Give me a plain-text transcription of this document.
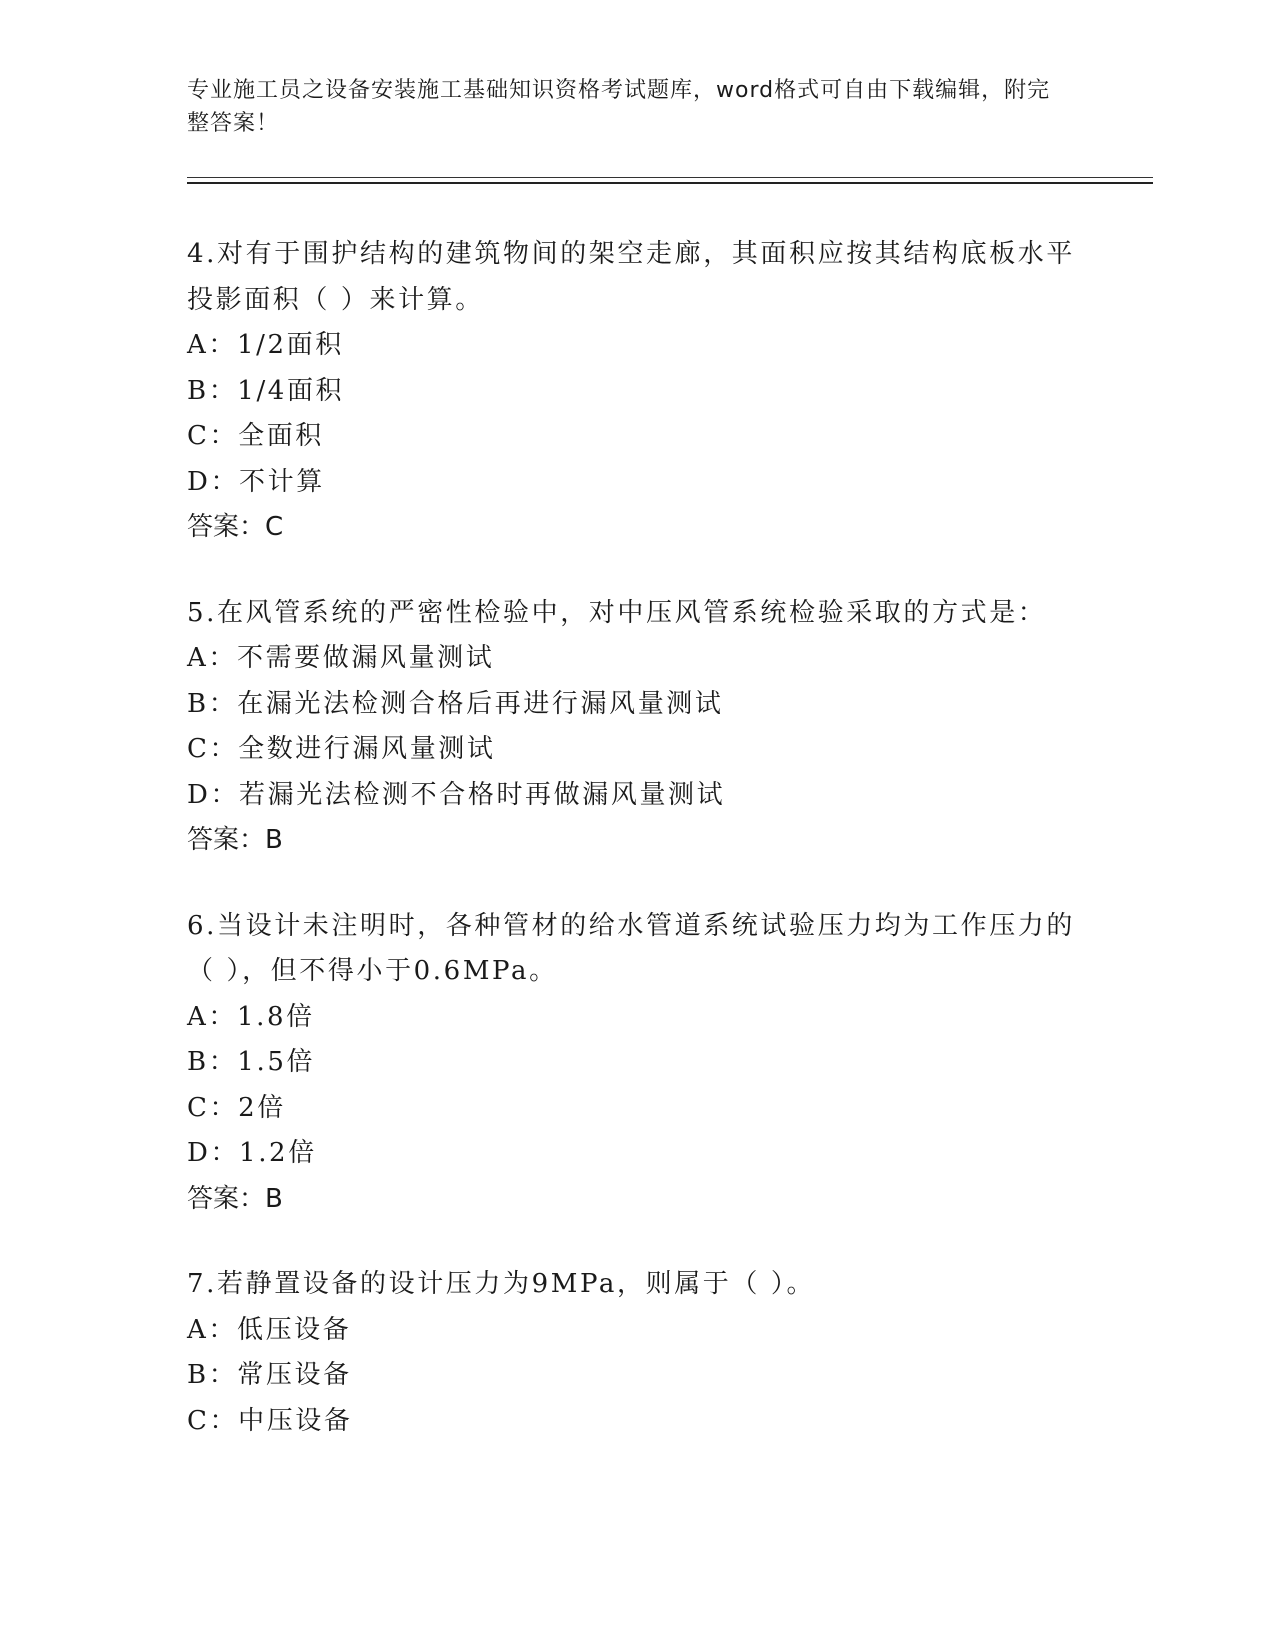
专业施工员之设备安装施工基础知识资格考试题库，word格式可自由下载编辑，附完整答案！

4.对有于围护结构的建筑物间的架空走廊，其面积应按其结构底板水平投影面积（ ）来计算。

A：1/2面积

B：1/4面积

C：全面积

D：不计算

答案：C

5.在风管系统的严密性检验中，对中压风管系统检验采取的方式是：

A：不需要做漏风量测试

B：在漏光法检测合格后再进行漏风量测试

C：全数进行漏风量测试

D：若漏光法检测不合格时再做漏风量测试

答案：B

6.当设计未注明时，各种管材的给水管道系统试验压力均为工作压力的（ ），但不得小于0.6MPa。

A：1.8倍

B：1.5倍

C：2倍

D：1.2倍

答案：B

7.若静置设备的设计压力为9MPa，则属于（ ）。

A：低压设备

B：常压设备

C：中压设备
